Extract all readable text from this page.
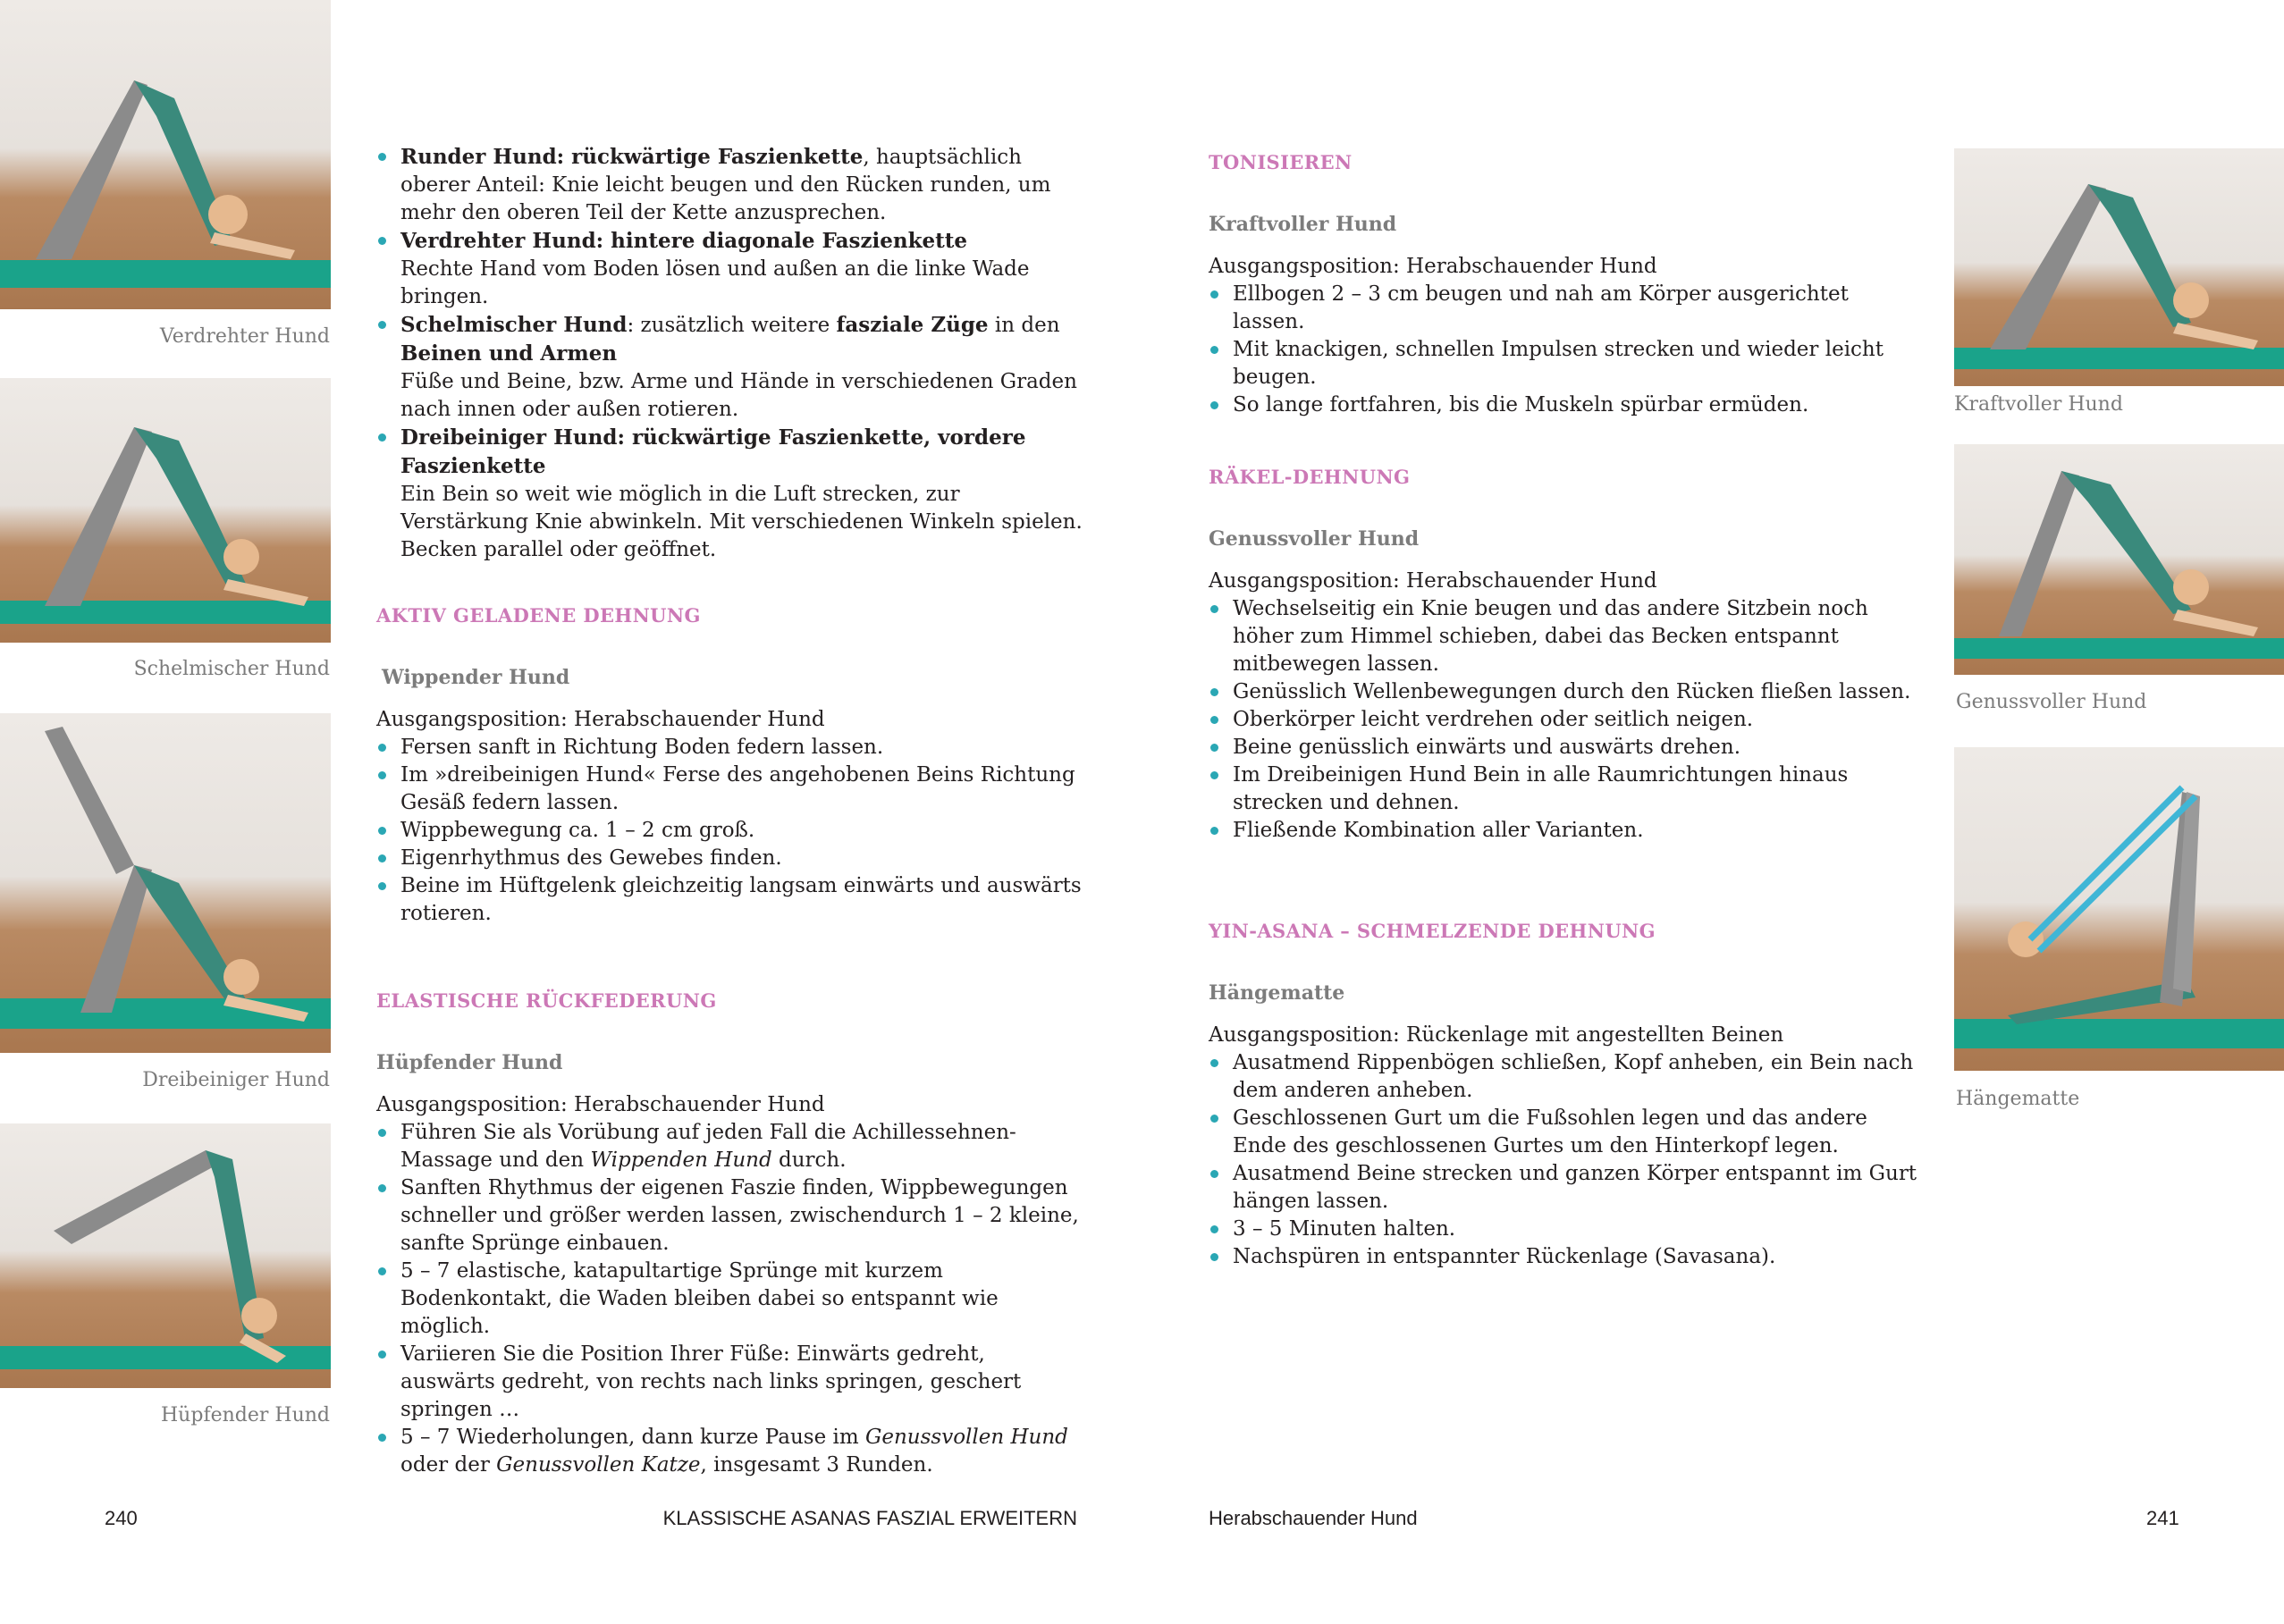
Verdrehter Hund
Schelmischer Hund
Dreibeiniger Hund
Hüpfender Hund
Kraftvoller Hund
Genussvoller Hund
Hängematte
Runder Hund: rückwärtige Faszienkette, hauptsächlich oberer Anteil: Knie leicht beugen und den Rücken runden, um mehr den oberen Teil der Kette anzusprechen.
Verdrehter Hund: hintere diagonale Faszienkette
Rechte Hand vom Boden lösen und außen an die linke Wade bringen.
Schelmischer Hund: zusätzlich weitere fasziale Züge in den Beinen und Armen
Füße und Beine, bzw. Arme und Hände in verschiedenen Graden nach innen oder außen rotieren.
Dreibeiniger Hund: rückwärtige Faszienkette, vordere Faszienkette
Ein Bein so weit wie möglich in die Luft strecken, zur Verstärkung Knie abwinkeln. Mit verschiedenen Winkeln spielen. Becken parallel oder geöffnet.

AKTIV GELADENE DEHNUNG

Wippender Hund

Ausgangsposition: Herabschauender Hund

Fersen sanft in Richtung Boden federn lassen.
Im »dreibeinigen Hund« Ferse des angehobenen Beins Richtung Gesäß federn lassen.
Wippbewegung ca. 1 – 2 cm groß.
Eigenrhythmus des Gewebes finden.
Beine im Hüftgelenk gleichzeitig langsam einwärts und auswärts rotieren.

ELASTISCHE RÜCKFEDERUNG

Hüpfender Hund

Ausgangsposition: Herabschauender Hund

Führen Sie als Vorübung auf jeden Fall die Achillessehnen-Massage und den Wippenden Hund durch.
Sanften Rhythmus der eigenen Faszie finden, Wippbewegungen schneller und größer werden lassen, zwischendurch 1 – 2 kleine, sanfte Sprünge einbauen.
5 – 7 elastische, katapultartige Sprünge mit kurzem Bodenkontakt, die Waden bleiben dabei so entspannt wie möglich.
Variieren Sie die Position Ihrer Füße: Einwärts gedreht, auswärts gedreht, von rechts nach links springen, geschert springen …
5 – 7 Wiederholungen, dann kurze Pause im Genussvollen Hund oder der Genussvollen Katze, insgesamt 3 Runden.

TONISIEREN

Kraftvoller Hund

Ausgangsposition: Herabschauender Hund

Ellbogen 2 – 3 cm beugen und nah am Körper ausgerichtet lassen.
Mit knackigen, schnellen Impulsen strecken und wieder leicht beugen.
So lange fortfahren, bis die Muskeln spürbar ermüden.

RÄKEL-DEHNUNG

Genussvoller Hund

Ausgangsposition: Herabschauender Hund

Wechselseitig ein Knie beugen und das andere Sitzbein noch höher zum Himmel schieben, dabei das Becken entspannt mitbewegen lassen.
Genüsslich Wellenbewegungen durch den Rücken fließen lassen.
Oberkörper leicht verdrehen oder seitlich neigen.
Beine genüsslich einwärts und auswärts drehen.
Im Dreibeinigen Hund Bein in alle Raumrichtungen hinaus strecken und dehnen.
Fließende Kombination aller Varianten.

YIN-ASANA – SCHMELZENDE DEHNUNG

Hängematte

Ausgangsposition: Rückenlage mit angestellten Beinen

Ausatmend Rippenbögen schließen, Kopf anheben, ein Bein nach dem anderen anheben.
Geschlossenen Gurt um die Fußsohlen legen und das andere Ende des geschlossenen Gurtes um den Hinterkopf legen.
Ausatmend Beine strecken und ganzen Körper entspannt im Gurt hängen lassen.
3 – 5 Minuten halten.
Nachspüren in entspannter Rückenlage (Savasana).
240	KLASSISCHE ASANAS FASZIAL ERWEITERN	Herabschauender Hund	241
